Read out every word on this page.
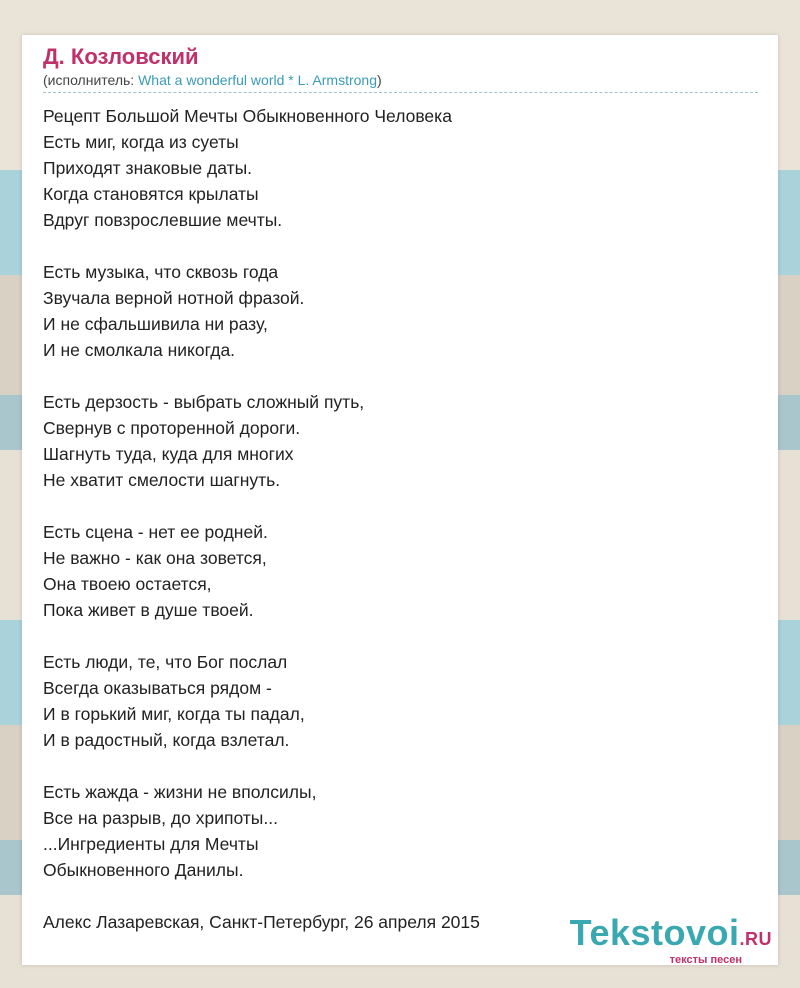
Д. Козловский
(исполнитель: What a wonderful world * L. Armstrong)
Рецепт Большой Мечты Обыкновенного Человека
Есть миг, когда из суеты
Приходят знаковые даты.
Когда становятся крылаты
Вдруг повзрослевшие мечты.
Есть музыка, что сквозь года
Звучала верной нотной фразой.
И не сфальшивила ни разу,
И не смолкала никогда.
Есть дерзость - выбрать сложный путь,
Свернув с проторенной дороги.
Шагнуть туда, куда для многих
Не хватит смелости шагнуть.
Есть сцена - нет ее родней.
Не важно - как она зовется,
Она твоею остается,
Пока живет в душе твоей.
Есть люди, те, что Бог послал
Всегда оказываться рядом -
И в горький миг, когда ты падал,
И в радостный, когда взлетал.
Есть жажда - жизни не вполсилы,
Все на разрыв, до хрипоты...
...Ингредиенты для Мечты
Обыкновенного Данилы.
Алекс Лазаревская, Санкт-Петербург, 26 апреля 2015	Tekstovoi.RU
тексты песен
